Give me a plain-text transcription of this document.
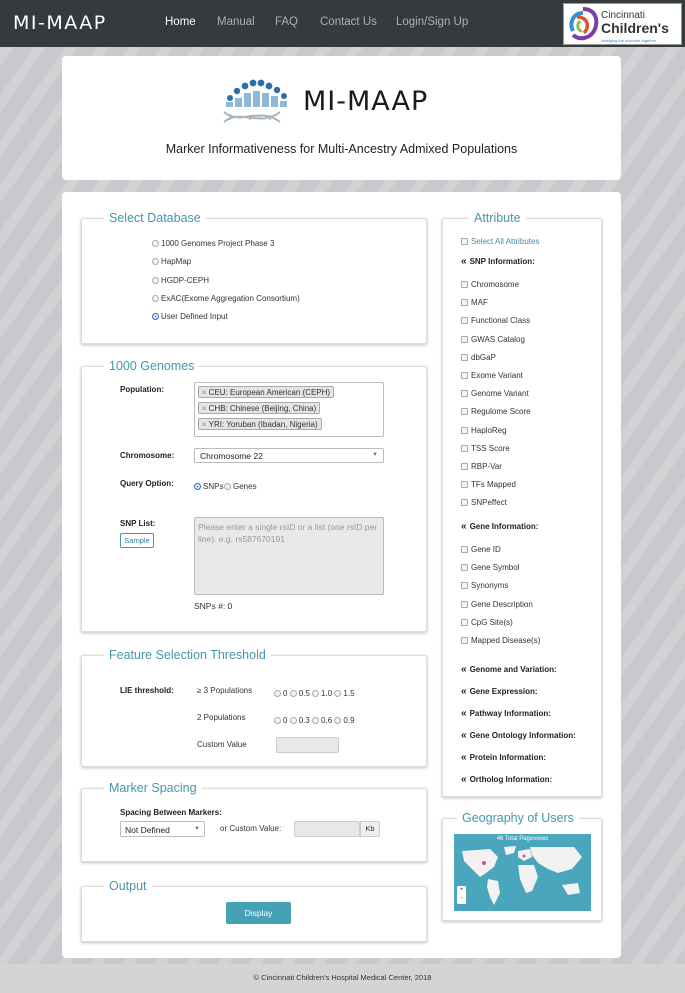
MI-MAAP	Home Manual FAQ Contact Us Login/Sign Up
Cincinnati
Children's
changing the outcome together
MI-MAAP
Marker Informativeness for Multi-Ancestry Admixed Populations
Select Database
1000 Genomes Project Phase 3
HapMap
HGDP-CEPH
ExAC(Exome Aggregation Consortium)
User Defined Input
1000 Genomes
Population:	× CEU: European American (CEPH)
× CHB: Chinese (Beijing, China)
× YRI: Yoruban (Ibadan, Nigeria)
Chromosome:	Chromosome 22	▼
Query Option:	SNPs	Genes
SNP List:
Sample
Please enter a single rsID or a list (one rsID per line). e.g. rs587670191
SNPs #: 0
Feature Selection Threshold
LIE threshold:	≥ 3 Populations	0 0.5 1.0 1.5
2 Populations	0 0.3 0.6 0.9
Custom Value
Marker Spacing
Spacing Between Markers:
Not Defined	▼	or Custom Value:	Kb
Output
Display
Attribute
Select All Attributes
« SNP Information:
Chromosome
MAF
Functional Class
GWAS Catalog
dbGaP
Exome Variant
Genome Variant
Regulome Score
HaploReg
TSS Score
RBP-Var
TFs Mapped
SNPeffect
« Gene Information:
Gene ID
Gene Symbol
Synonyms
Gene Description
CpG Site(s)
Mapped Disease(s)
« Genome and Variation:
« Gene Expression:
« Pathway Information:
« Gene Ontology Information:
« Protein Information:
« Ortholog Information:
Geography of Users
46 Total Pageviews
+
-
© Cincinnati Children's Hospital Medical Center, 2018
